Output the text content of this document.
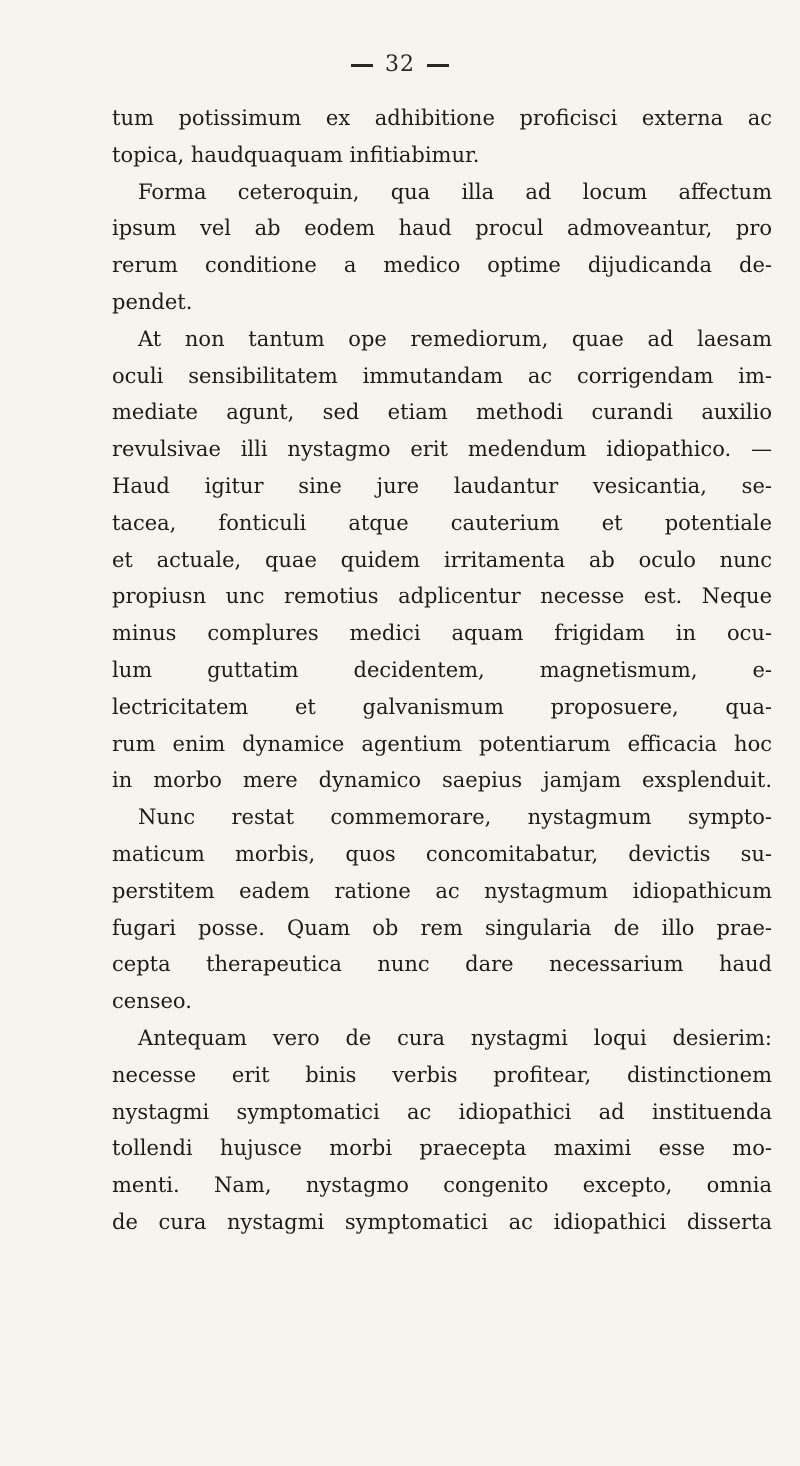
32
tum potissimum ex adhibitione proficisci externa ac
topica, haudquaquam infitiabimur.
Forma ceteroquin, qua illa ad locum affectum
ipsum vel ab eodem haud procul admoveantur, pro
rerum conditione a medico optime dijudicanda de-
pendet.
At non tantum ope remediorum, quae ad laesam
oculi sensibilitatem immutandam ac corrigendam im-
mediate agunt, sed etiam methodi curandi auxilio
revulsivae illi nystagmo erit medendum idiopathico. —
Haud igitur sine jure laudantur vesicantia, se-
tacea, fonticuli atque cauterium et potentiale
et actuale, quae quidem irritamenta ab oculo nunc
propiusn unc remotius adplicentur necesse est. Neque
minus complures medici aquam frigidam in ocu-
lum guttatim decidentem, magnetismum, e-
lectricitatem et galvanismum proposuere, qua-
rum enim dynamice agentium potentiarum efficacia hoc
in morbo mere dynamico saepius jamjam exsplenduit.
Nunc restat commemorare, nystagmum sympto-
maticum morbis, quos concomitabatur, devictis su-
perstitem eadem ratione ac nystagmum idiopathicum
fugari posse. Quam ob rem singularia de illo prae-
cepta therapeutica nunc dare necessarium haud
censeo.
Antequam vero de cura nystagmi loqui desierim:
necesse erit binis verbis profitear, distinctionem
nystagmi symptomatici ac idiopathici ad instituenda
tollendi hujusce morbi praecepta maximi esse mo-
menti. Nam, nystagmo congenito excepto, omnia
de cura nystagmi symptomatici ac idiopathici disserta
